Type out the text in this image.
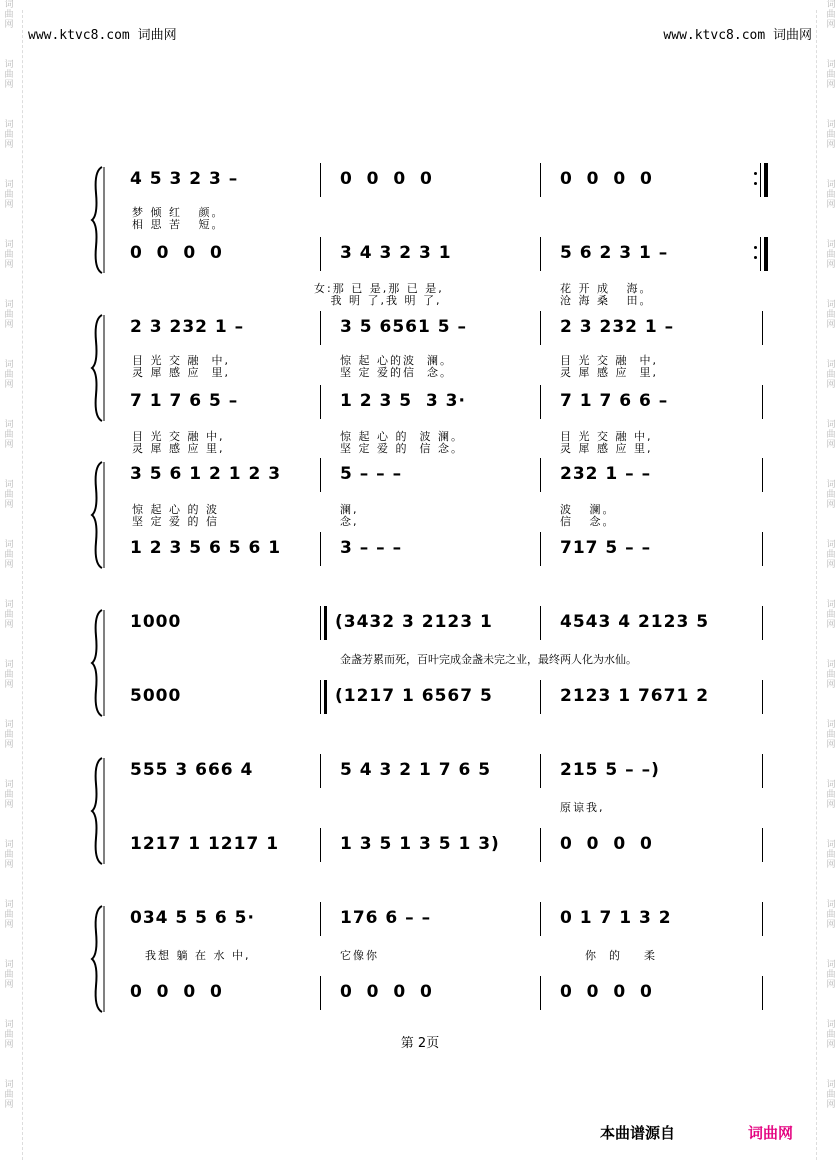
词
曲
网
词
曲
网
词
曲
网
词
曲
网
词
曲
网
词
曲
网
词
曲
网
词
曲
网
词
曲
网
词
曲
网
词
曲
网
词
曲
网
词
曲
网
词
曲
网
词
曲
网
词
曲
网
词
曲
网
词
曲
网
词
曲
网
词
曲
网
词
曲
网
词
曲
网
词
曲
网
词
曲
网
词
曲
网
词
曲
网
词
曲
网
词
曲
网
词
曲
网
词
曲
网
词
曲
网
词
曲
网
词
曲
网
词
曲
网
词
曲
网
词
曲
网
词
曲
网
词
曲
网
www.ktvc8.com 词曲网	www.ktvc8.com 词曲网
4 5 3 2 3 –	0  0  0  0	0  0  0  0
梦 倾 红   颜。
相 思 苦   短。
0  0  0  0	3 4 3 2 3 1	5 6 2 3 1 –
女:那 已 是,那 已 是,
我 明 了,我 明 了,
花 开 成   海。
沧 海 桑   田。
2 3 232 1 –	3 5 6561 5 –	2 3 232 1 –
目 光 交 融  中,
灵 犀 感 应  里,
惊 起 心的波  澜。
坚 定 爱的信  念。
目 光 交 融  中,
灵 犀 感 应  里,
7 1 7 6 5 –	1 2 3 5  3 3·	7 1 7 6 6 –
目 光 交 融 中,
灵 犀 感 应 里,
惊 起 心 的  波 澜。
坚 定 爱 的  信 念。
目 光 交 融 中,
灵 犀 感 应 里,
3 5 6 1 2 1 2 3	5 – – –	232 1 – –
惊 起 心 的 波
坚 定 爱 的 信
澜,
念,
波   澜。
信   念。
1 2 3 5 6 5 6 1	3 – – –	717 5 – –
1000	(3432 3 2123 1	4543 4 2123 5
金盏芳累而死，百叶完成金盏未完之业，最终两人化为水仙。
5000	(1217 1 6567 5	2123 1 7671 2
555 3 666 4	5 4 3 2 1 7 6 5	215 5 – –)
原谅我,
1217 1 1217 1	1 3 5 1 3 5 1 3)	0  0  0  0
034 5 5 6 5·	176 6 – –	0 1 7 1 3 2
我想 躺 在 水 中,	它像你	你  的    柔
0  0  0  0	0  0  0  0	0  0  0  0
第 2页
本曲谱源自	词曲网
